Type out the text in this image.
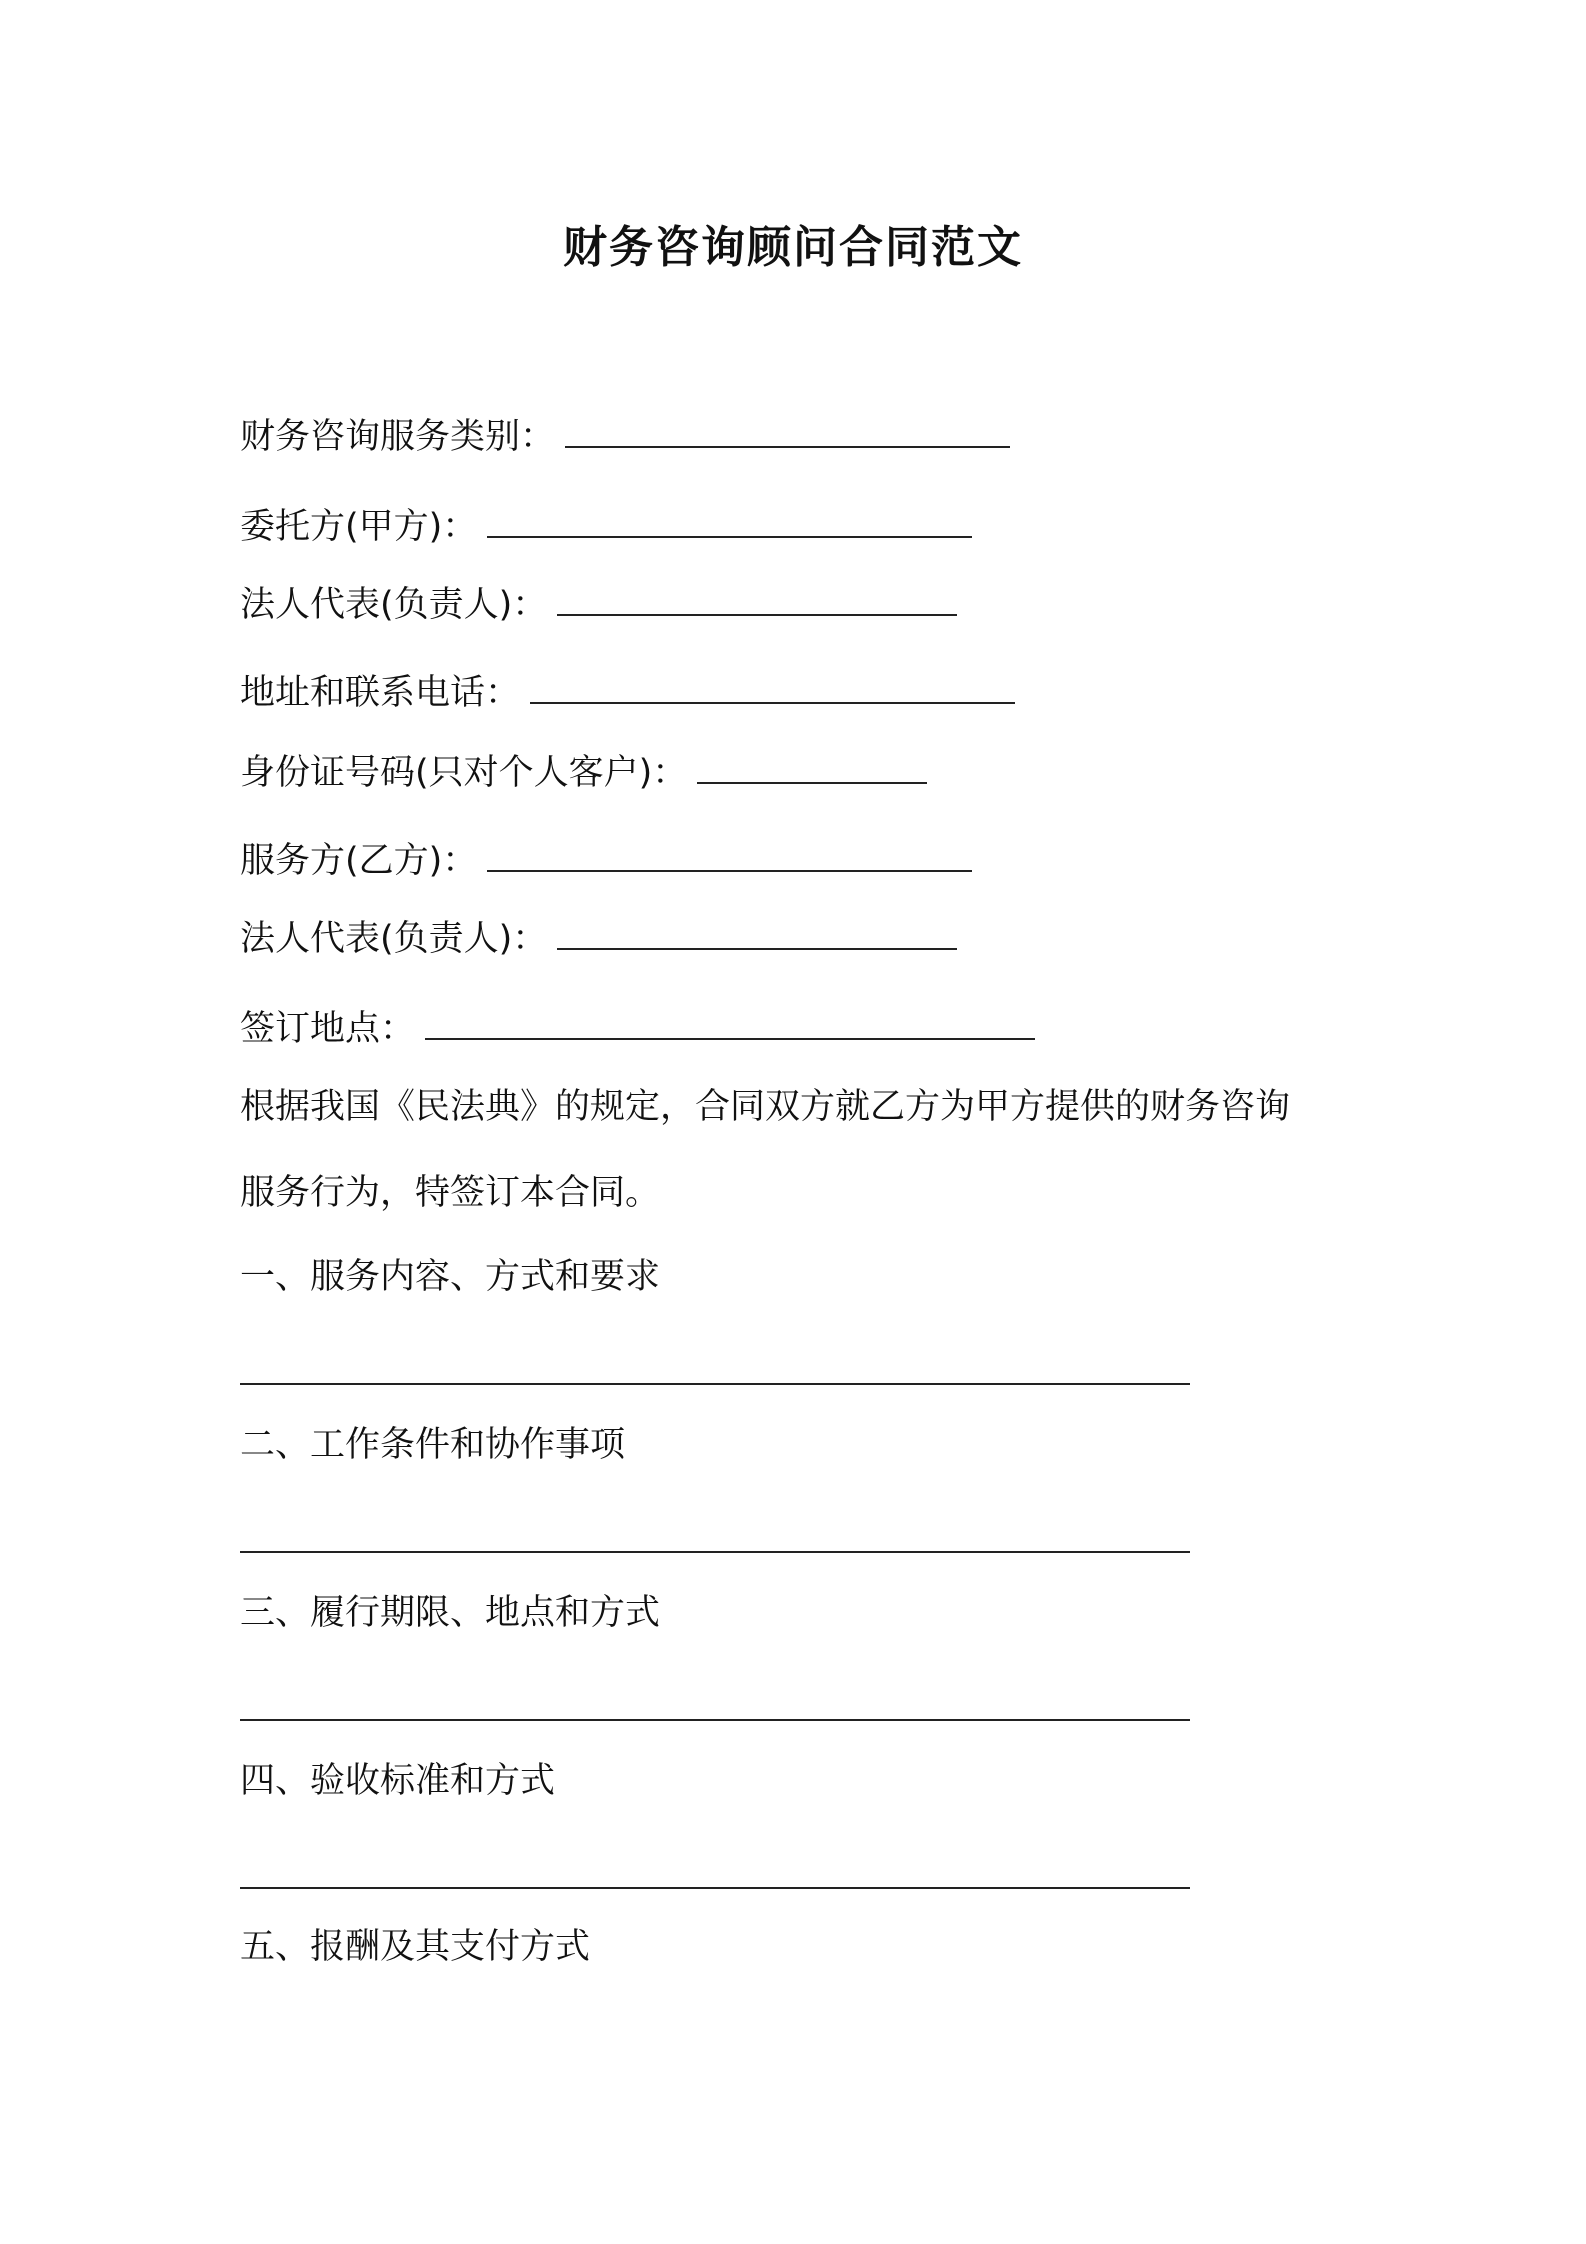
财务咨询顾问合同范文
财务咨询服务类别：
委托方(甲方)：
法人代表(负责人)：
地址和联系电话：
身份证号码(只对个人客户)：
服务方(乙方)：
法人代表(负责人)：
签订地点：
根据我国《民法典》的规定，合同双方就乙方为甲方提供的财务咨询
服务行为，特签订本合同。
一、服务内容、方式和要求
二、工作条件和协作事项
三、履行期限、地点和方式
四、验收标准和方式
五、报酬及其支付方式
